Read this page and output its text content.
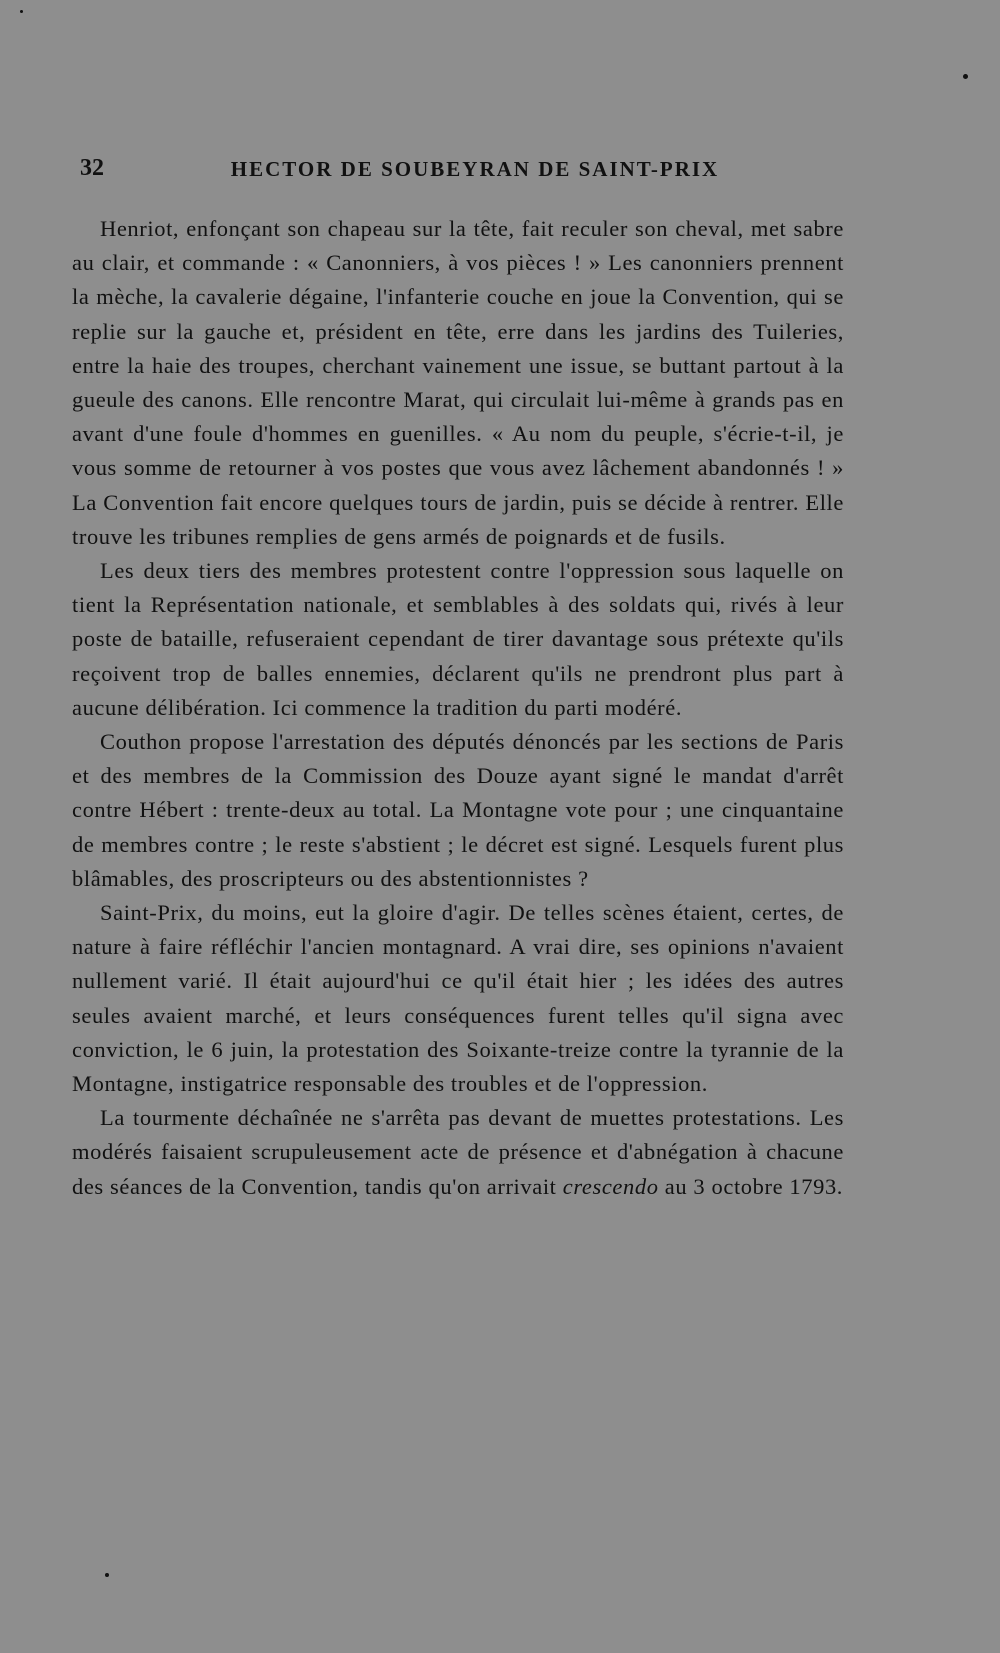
32	HECTOR DE SOUBEYRAN DE SAINT-PRIX

Henriot, enfonçant son chapeau sur la tête, fait reculer son cheval, met sabre au clair, et commande : « Canonniers, à vos pièces ! » Les canonniers prennent la mèche, la cavalerie dégaine, l'infanterie couche en joue la Convention, qui se replie sur la gauche et, président en tête, erre dans les jardins des Tuileries, entre la haie des troupes, cherchant vainement une issue, se buttant partout à la gueule des canons. Elle rencontre Marat, qui circulait lui-même à grands pas en avant d'une foule d'hommes en guenilles. « Au nom du peuple, s'écrie-t-il, je vous somme de retourner à vos postes que vous avez lâchement abandonnés ! » La Convention fait encore quelques tours de jardin, puis se décide à rentrer. Elle trouve les tribunes remplies de gens armés de poignards et de fusils.

Les deux tiers des membres protestent contre l'oppression sous laquelle on tient la Représentation nationale, et semblables à des soldats qui, rivés à leur poste de bataille, refuseraient cependant de tirer davantage sous prétexte qu'ils reçoivent trop de balles ennemies, déclarent qu'ils ne prendront plus part à aucune délibération. Ici commence la tradition du parti modéré.

Couthon propose l'arrestation des députés dénoncés par les sections de Paris et des membres de la Commission des Douze ayant signé le mandat d'arrêt contre Hébert : trente-deux au total. La Montagne vote pour ; une cinquantaine de membres contre ; le reste s'abstient ; le décret est signé. Lesquels furent plus blâmables, des proscripteurs ou des abstentionnistes ?

Saint-Prix, du moins, eut la gloire d'agir. De telles scènes étaient, certes, de nature à faire réfléchir l'ancien montagnard. A vrai dire, ses opinions n'avaient nullement varié. Il était aujourd'hui ce qu'il était hier ; les idées des autres seules avaient marché, et leurs conséquences furent telles qu'il signa avec conviction, le 6 juin, la protestation des Soixante-treize contre la tyrannie de la Montagne, instigatrice responsable des troubles et de l'oppression.

La tourmente déchaînée ne s'arrêta pas devant de muettes protestations. Les modérés faisaient scrupuleusement acte de présence et d'abnégation à chacune des séances de la Convention, tandis qu'on arrivait crescendo au 3 octobre 1793.
